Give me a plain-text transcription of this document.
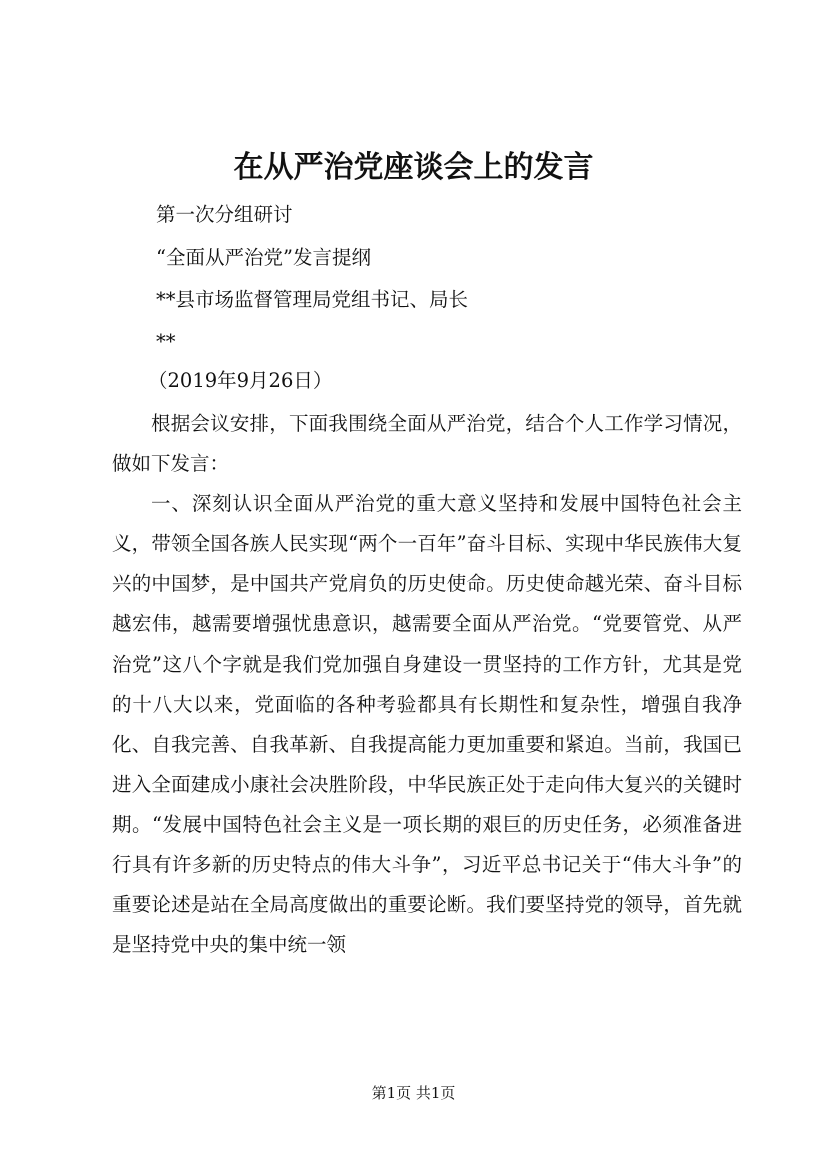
在从严治党座谈会上的发言
第一次分组研讨
“全面从严治党”发言提纲
**县市场监督管理局党组书记、局长
**
（2019年9月26日）

根据会议安排，下面我围绕全面从严治党，结合个人工作学习情况，做如下发言：

一、深刻认识全面从严治党的重大意义坚持和发展中国特色社会主义，带领全国各族人民实现“两个一百年”奋斗目标、实现中华民族伟大复兴的中国梦，是中国共产党肩负的历史使命。历史使命越光荣、奋斗目标越宏伟，越需要增强忧患意识，越需要全面从严治党。“党要管党、从严治党”这八个字就是我们党加强自身建设一贯坚持的工作方针，尤其是党的十八大以来，党面临的各种考验都具有长期性和复杂性，增强自我净化、自我完善、自我革新、自我提高能力更加重要和紧迫。当前，我国已进入全面建成小康社会决胜阶段，中华民族正处于走向伟大复兴的关键时期。“发展中国特色社会主义是一项长期的艰巨的历史任务，必须准备进行具有许多新的历史特点的伟大斗争”，习近平总书记关于“伟大斗争”的重要论述是站在全局高度做出的重要论断。我们要坚持党的领导，首先就是坚持党中央的集中统一领

第1页 共1页
